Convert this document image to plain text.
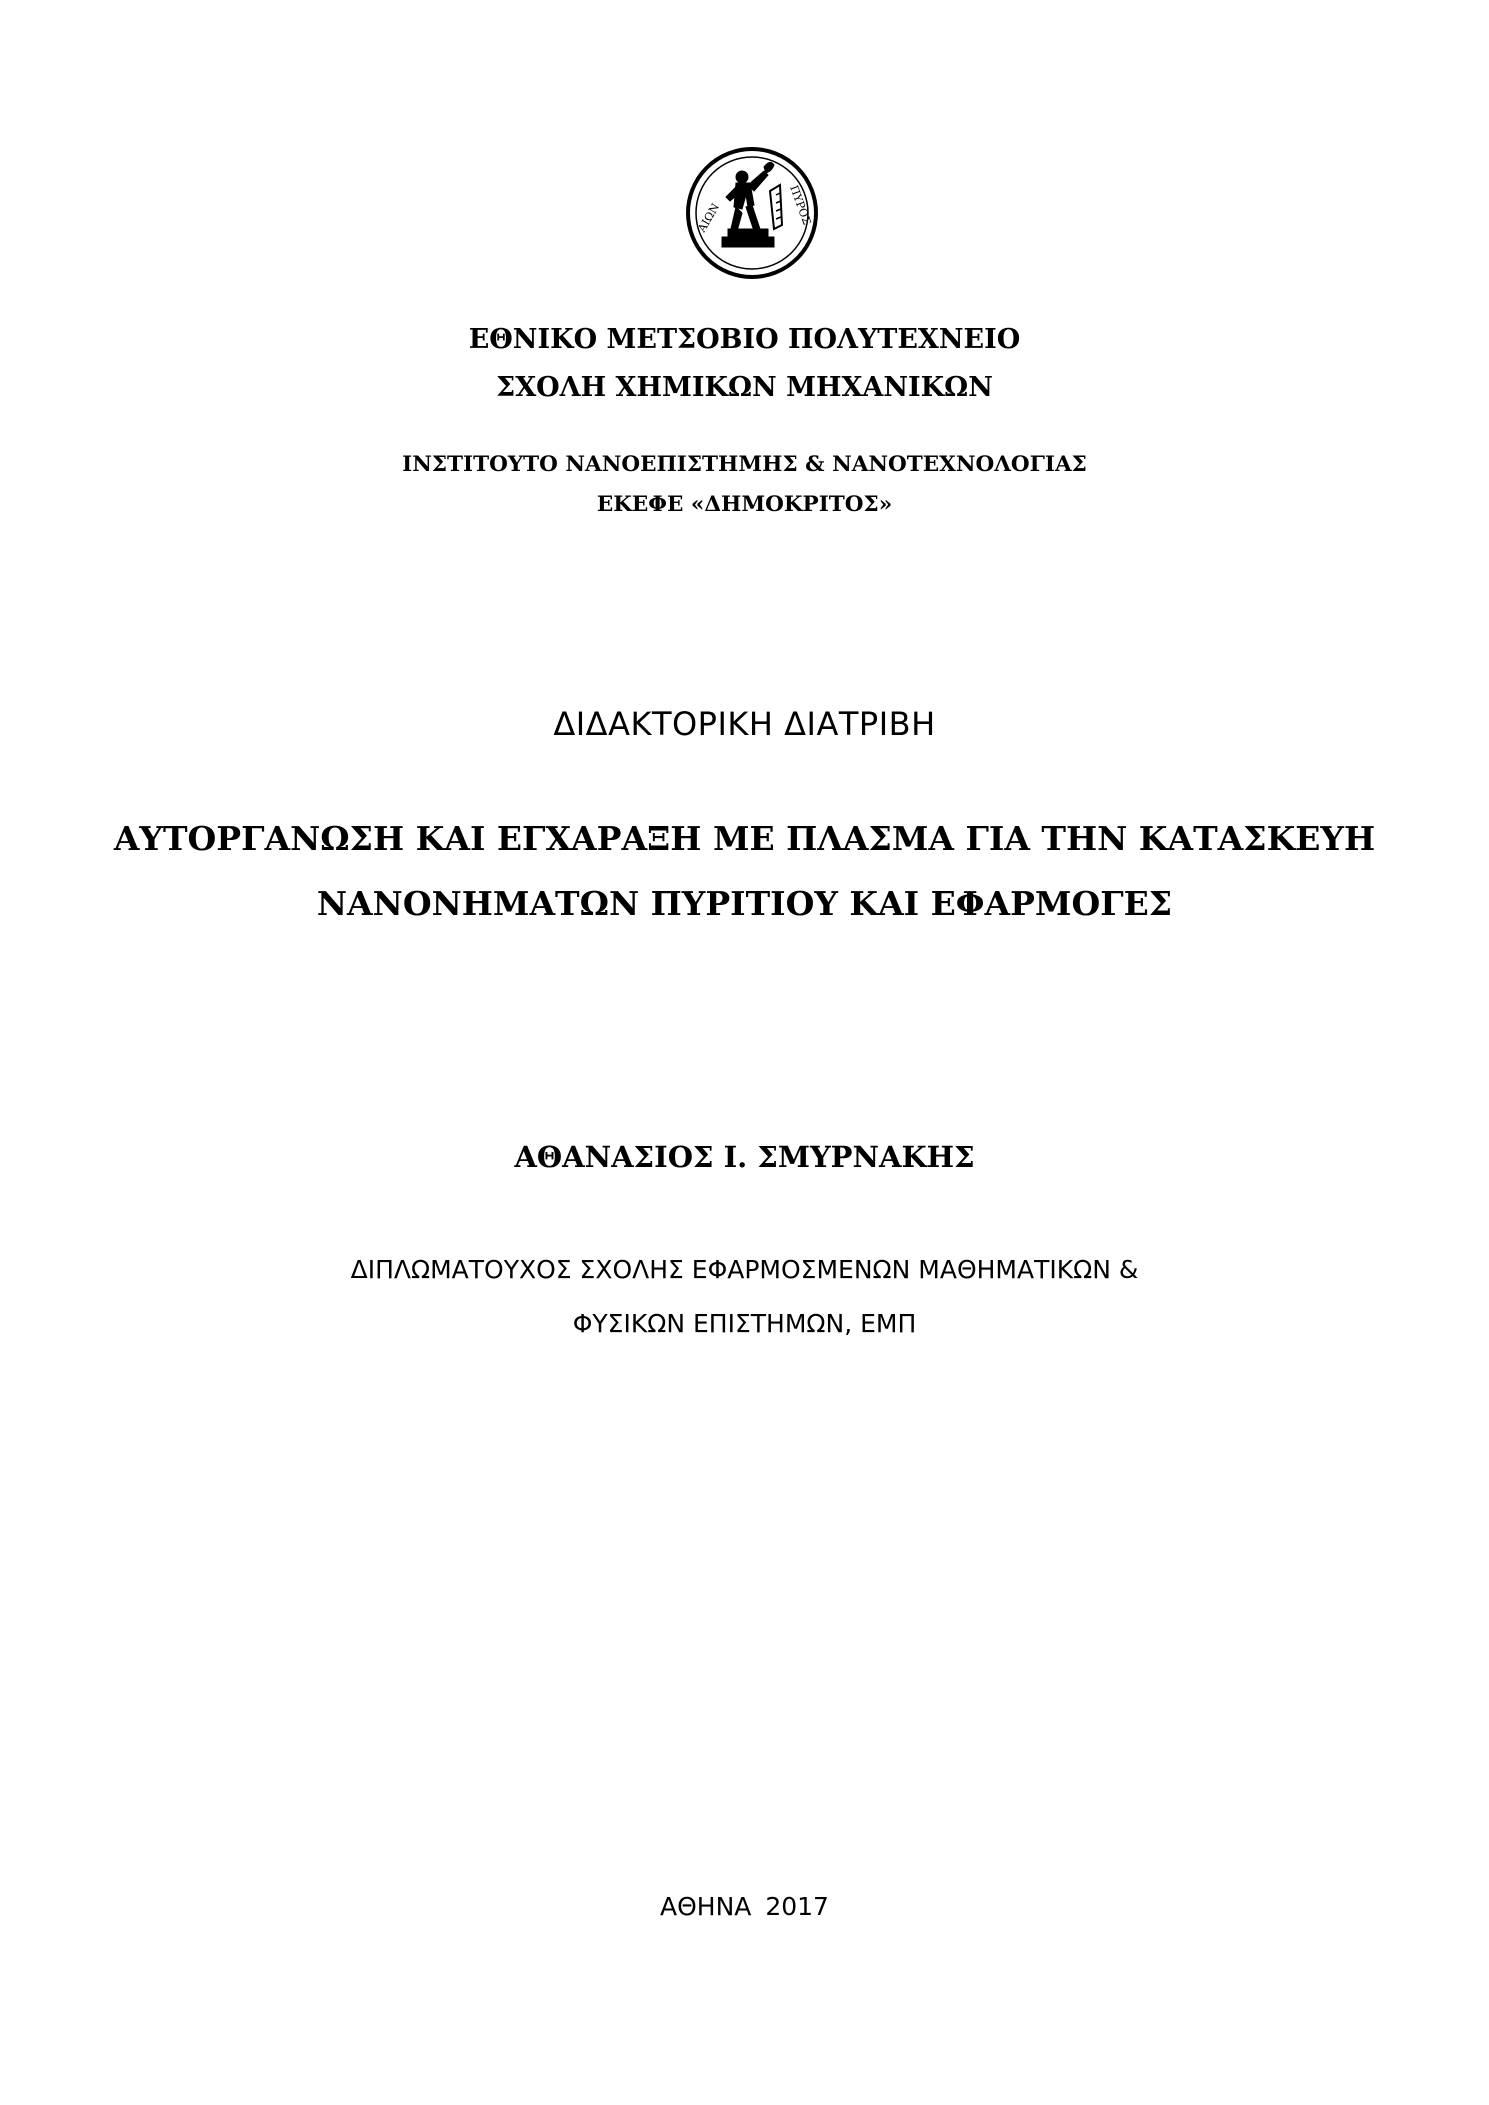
ΑΙΩΝ	ΠΥΡΟΣ
ΕΘΝΙΚΟ ΜΕΤΣΟΒΙΟ ΠΟΛΥΤΕΧΝΕΙΟ
ΣΧΟΛΗ ΧΗΜΙΚΩΝ ΜΗΧΑΝΙΚΩΝ
ΙΝΣΤΙΤΟΥΤΟ ΝΑΝΟΕΠΙΣΤΗΜΗΣ & ΝΑΝΟΤΕΧΝΟΛΟΓΙΑΣ
ΕΚΕΦΕ «ΔΗΜΟΚΡΙΤΟΣ»
ΔΙΔΑΚΤΟΡΙΚΗ ΔΙΑΤΡΙΒΗ
ΑΥΤΟΡΓΑΝΩΣΗ ΚΑΙ ΕΓΧΑΡΑΞΗ ΜΕ ΠΛΑΣΜΑ ΓΙΑ ΤΗΝ ΚΑΤΑΣΚΕΥΗ
ΝΑΝΟΝΗΜΑΤΩΝ ΠΥΡΙΤΙΟΥ ΚΑΙ ΕΦΑΡΜΟΓΕΣ
ΑΘΑΝΑΣΙΟΣ Ι. ΣΜΥΡΝΑΚΗΣ
ΔΙΠΛΩΜΑΤΟΥΧΟΣ ΣΧΟΛΗΣ ΕΦΑΡΜΟΣΜΕΝΩΝ ΜΑΘΗΜΑΤΙΚΩΝ &
ΦΥΣΙΚΩΝ ΕΠΙΣΤΗΜΩΝ, ΕΜΠ
ΑΘΗΝΑ 2017
